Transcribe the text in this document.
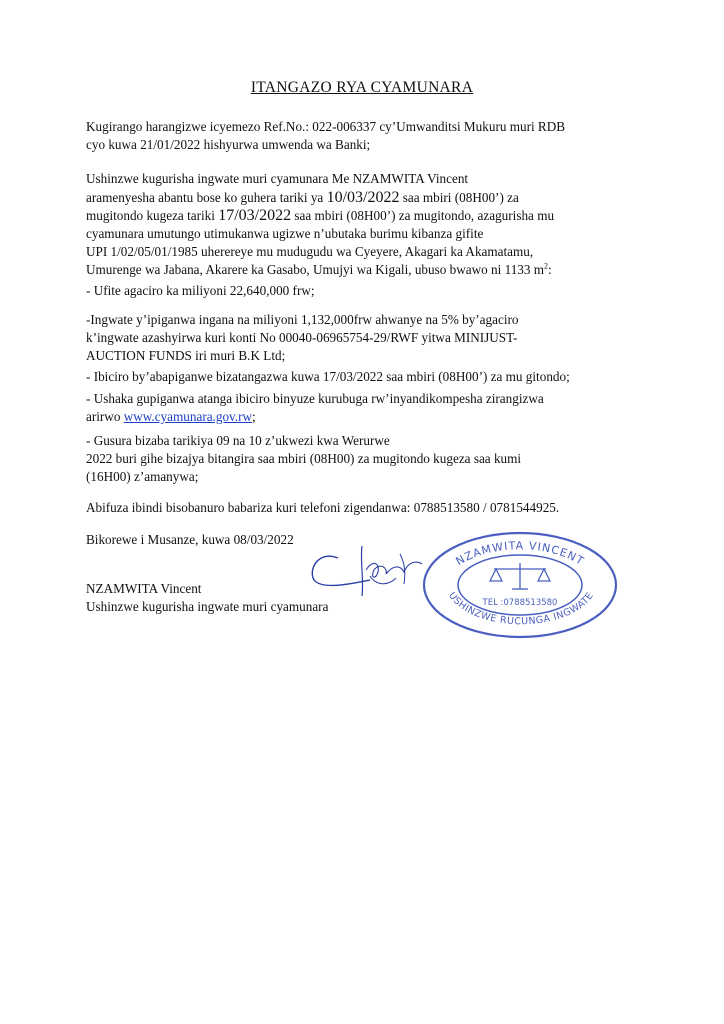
ITANGAZO RYA CYAMUNARA
Kugirango harangizwe icyemezo Ref.No.: 022-006337 cy’Umwanditsi Mukuru muri RDB
cyo kuwa 21/01/2022 hishyurwa umwenda wa Banki;
Ushinzwe kugurisha ingwate muri cyamunara Me NZAMWITA Vincent
aramenyesha abantu bose ko guhera tariki ya 10/03/2022 saa mbiri (08H00’) za
mugitondo kugeza tariki 17/03/2022 saa mbiri (08H00’) za mugitondo, azagurisha mu
cyamunara umutungo utimukanwa ugizwe n’ubutaka burimu kibanza gifite
UPI 1/02/05/01/1985 uherereye mu mudugudu wa Cyeyere, Akagari ka Akamatamu,
Umurenge wa Jabana, Akarere ka Gasabo, Umujyi wa Kigali, ubuso bwawo ni 1133 $m^2$:
- Ufite agaciro ka miliyoni 22,640,000 frw;
-Ingwate y’ipiganwa ingana na miliyoni 1,132,000frw ahwanye na 5% by’agaciro
k’ingwate azashyirwa kuri konti No 00040-06965754-29/RWF yitwa MINIJUST-
AUCTION FUNDS iri muri B.K Ltd;
- Ibiciro by’abapiganwe bizatangazwa kuwa 17/03/2022 saa mbiri (08H00’) za mu gitondo;
- Ushaka gupiganwa atanga ibiciro binyuze kurubuga rw’inyandikompesha zirangizwa
arirwo www.cyamunara.gov.rw;
- Gusura bizaba tarikiya 09 na 10 z’ukwezi kwa Werurwe
2022 buri gihe bizajya bitangira saa mbiri (08H00) za mugitondo kugeza saa kumi
(16H00) z’amanywa;
Abifuza ibindi bisobanuro babariza kuri telefoni zigendanwa: 0788513580 / 0781544925.
Bikorewe i Musanze, kuwa 08/03/2022
NZAMWITA Vincent
Ushinzwe kugurisha ingwate muri cyamunara
NZAMWITA VINCENT
USHINZWE RUCUNGA INGWATE
TEL :0788513580
